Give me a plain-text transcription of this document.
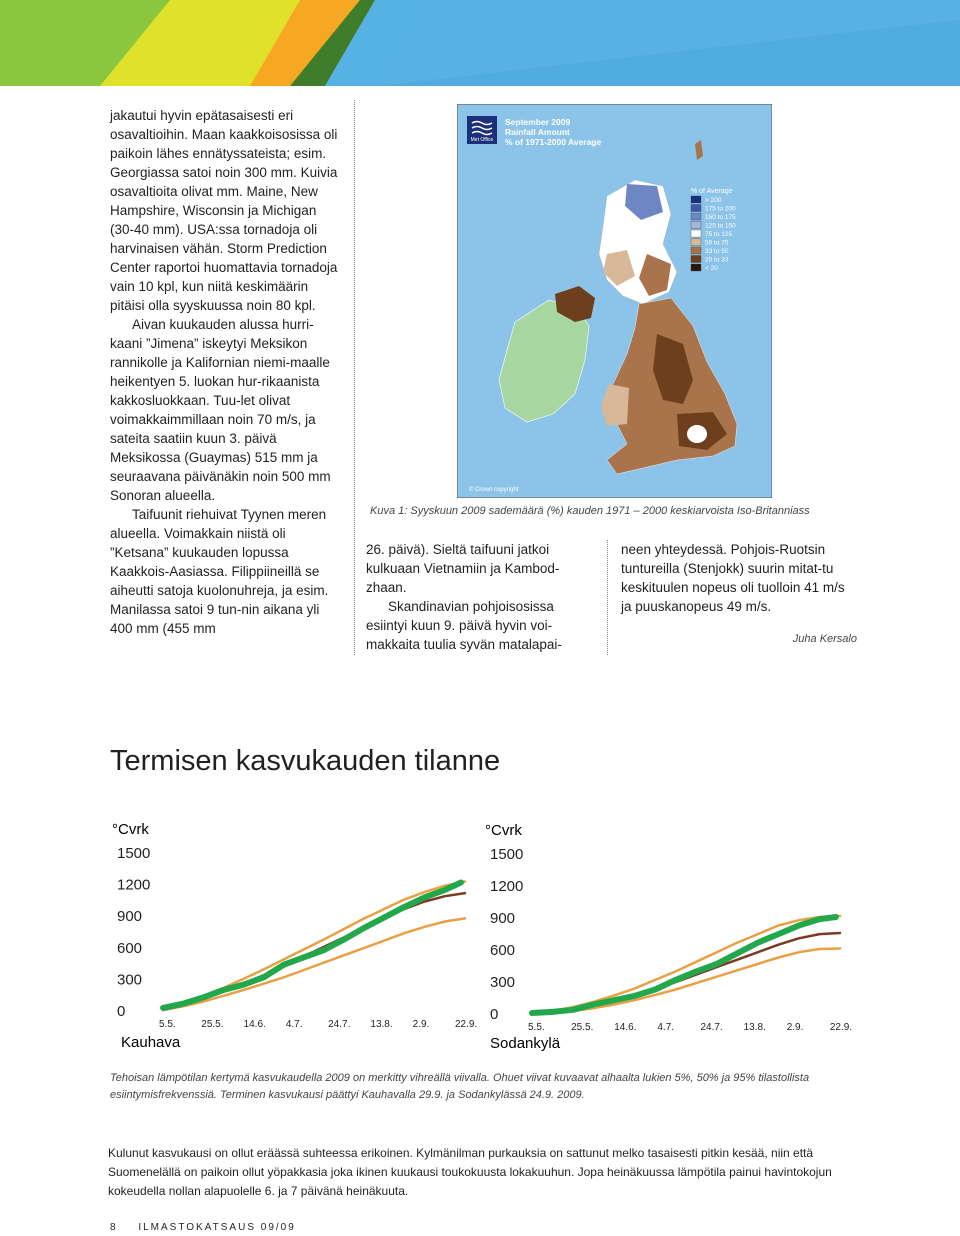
jakautui hyvin epätasaisesti eri osavaltioihin. Maan kaakkoisosissa oli paikoin lähes ennätyssateista; esim. Georgiassa satoi noin 300 mm. Kuivia osavaltioita olivat mm. Maine, New Hampshire, Wisconsin ja Michigan (30-40 mm). USA:ssa tornadoja oli harvinaisen vähän. Storm Prediction Center raportoi huomattavia tornadoja vain 10 kpl, kun niitä keskimäärin pitäisi olla syyskuussa noin 80 kpl.

Aivan kuukauden alussa hurri-kaani ”Jimena” iskeytyi Meksikon rannikolle ja Kalifornian niemi-maalle heikentyen 5. luokan hur-rikaanista kakkosluokkaan. Tuu-let olivat voimakkaimmillaan noin 70 m/s, ja sateita saatiin kuun 3. päivä Meksikossa (Guaymas) 515 mm ja seuraavana päivänäkin noin 500 mm Sonoran alueella.

Taifuunit riehuivat Tyynen meren alueella. Voimakkain niistä oli ”Ketsana” kuukauden lopussa Kaakkois-Aasiassa. Filippiineillä se aiheutti satoja kuolonuhreja, ja esim. Manilassa satoi 9 tun-nin aikana yli 400 mm (455 mm

Met Office
September 2009
Rainfall Amount
% of 1971-2000 Average
% of Average
> 200
175 to 200
150 to 175
125 to 150
75 to 125
50 to 75
33 to 50
20 to 33
< 20
© Crown copyright
Kuva 1: Syyskuun 2009 sademäärä (%) kauden 1971 – 2000 keskiarvoista Iso-Britanniass

26. päivä). Sieltä taifuuni jatkoi kulkuaan Vietnamiin ja Kambod-zhaan.

Skandinavian pohjoisosissa esiintyi kuun 9. päivä hyvin voi-makkaita tuulia syvän matalapai-

neen yhteydessä. Pohjois-Ruotsin tuntureilla (Stenjokk) suurin mitat-tu keskituulen nopeus oli tuolloin 41 m/s ja puuskanopeus 49 m/s.

Juha Kersalo

Termisen kasvukauden tilanne
°Cvrk
1500
1200
900
600
300
0
5.5.	25.5. 14.6. 4.7.	24.7. 13.8. 2.9.	22.9.
Kauhava
°Cvrk
1500
1200
900
600
300
0
5.5.	25.5. 14.6. 4.7.	24.7. 13.8. 2.9.	22.9.
Sodankylä
Tehoisan lämpötilan kertymä kasvukaudella 2009 on merkitty vihreällä viivalla. Ohuet viivat kuvaavat alhaalta lukien 5%, 50% ja 95% tilastollista esiintymisfrekvenssiä. Terminen kasvukausi päättyi Kauhavalla 29.9. ja Sodankylässä 24.9. 2009.
Kulunut kasvukausi on ollut eräässä suhteessa erikoinen. Kylmänilman purkauksia on sattunut melko tasaisesti pitkin kesää, niin että Suomenelällä on paikoin ollut yöpakkasia joka ikinen kuukausi toukokuusta lokakuuhun. Jopa heinäkuussa lämpötila painui havintokojun kokeudella nollan alapuolelle 6. ja 7 päivänä heinäkuuta.
8 ILMASTOKATSAUS 09/09
